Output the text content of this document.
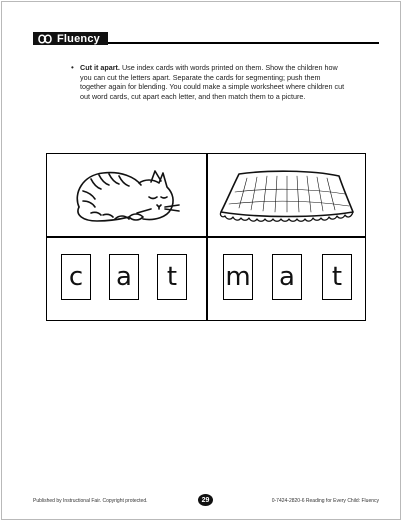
Fluency
• Cut it apart. Use index cards with words printed on them. Show the children how you can cut the letters apart. Separate the cards for segmenting; push them together again for blending. You could make a simple worksheet where children cut out word cards, cut apart each letter, and then match them to a picture.
c	a	t	m a	t
Published by Instructional Fair. Copyright protected.	29	0-7424-2820-6 Reading for Every Child: Fluency
